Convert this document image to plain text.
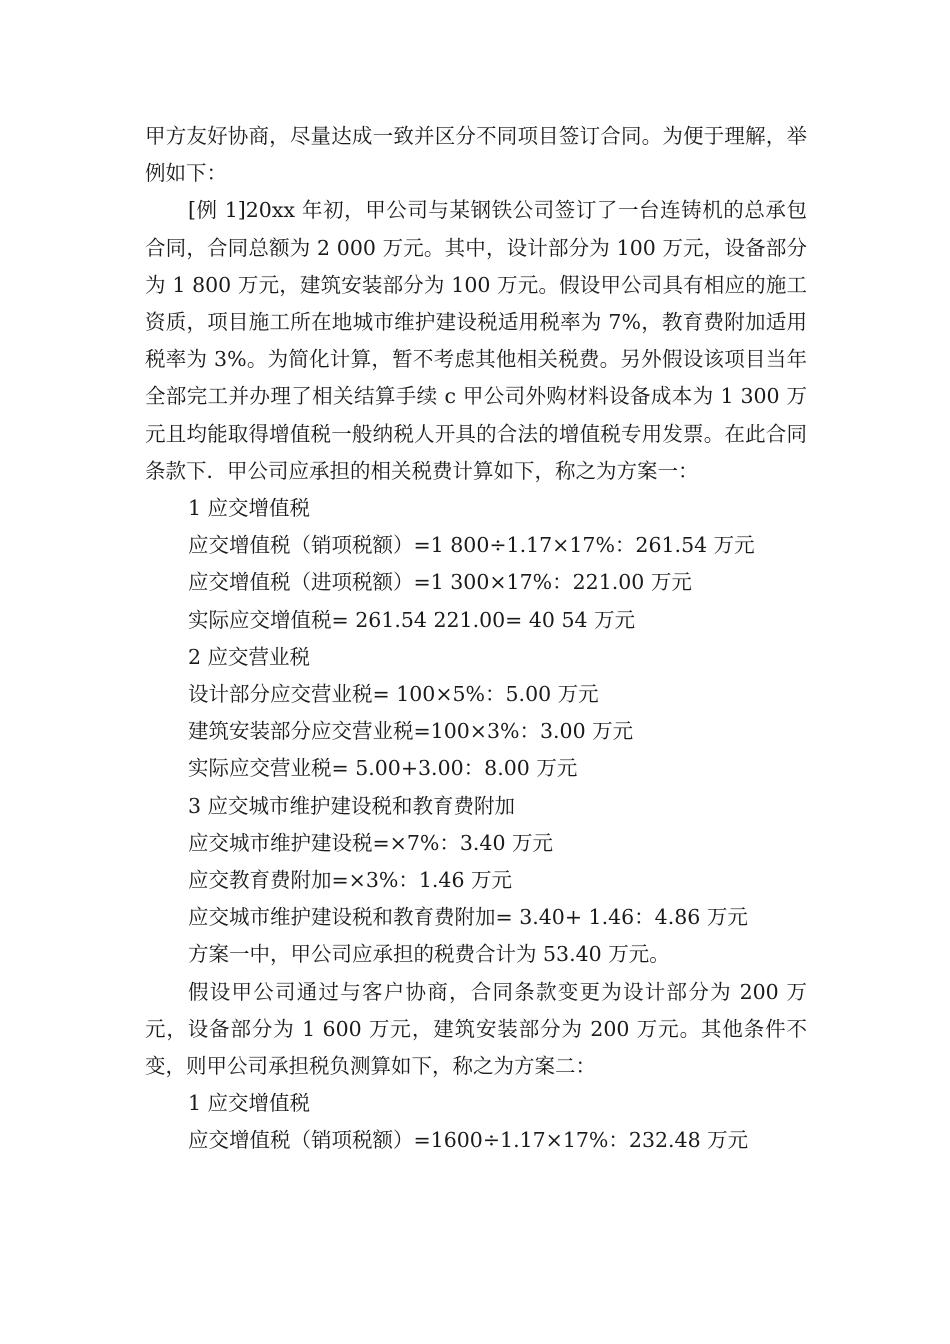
甲方友好协商，尽量达成一致并区分不同项目签订合同。为便于理解，举例如下：

[例 1]20xx 年初，甲公司与某钢铁公司签订了一台连铸机的总承包合同，合同总额为 2 000 万元。其中，设计部分为 100 万元，设备部分为 1 800 万元，建筑安装部分为 100 万元。假设甲公司具有相应的施工资质，项目施工所在地城市维护建设税适用税率为 7%，教育费附加适用税率为 3%。为简化计算，暂不考虑其他相关税费。另外假设该项目当年全部完工并办理了相关结算手续 c 甲公司外购材料设备成本为 1 300 万元且均能取得增值税一般纳税人开具的合法的增值税专用发票。在此合同条款下．甲公司应承担的相关税费计算如下，称之为方案一：

1 应交增值税

应交增值税（销项税额）=1 800÷1.17×17%：261.54 万元

应交增值税（进项税额）=1 300×17%：221.00 万元

实际应交增值税= 261.54 221.00= 40 54 万元

2 应交营业税

设计部分应交营业税= 100×5%：5.00 万元

建筑安装部分应交营业税=100×3%：3.00 万元

实际应交营业税= 5.00+3.00：8.00 万元

3 应交城市维护建设税和教育费附加

应交城市维护建设税=×7%：3.40 万元

应交教育费附加=×3%：1.46 万元

应交城市维护建设税和教育费附加= 3.40+ 1.46：4.86 万元

方案一中，甲公司应承担的税费合计为 53.40 万元。

假设甲公司通过与客户协商，合同条款变更为设计部分为 200 万元，设备部分为 1 600 万元，建筑安装部分为 200 万元。其他条件不变，则甲公司承担税负测算如下，称之为方案二：

1 应交增值税

应交增值税（销项税额）=1600÷1.17×17%：232.48 万元
